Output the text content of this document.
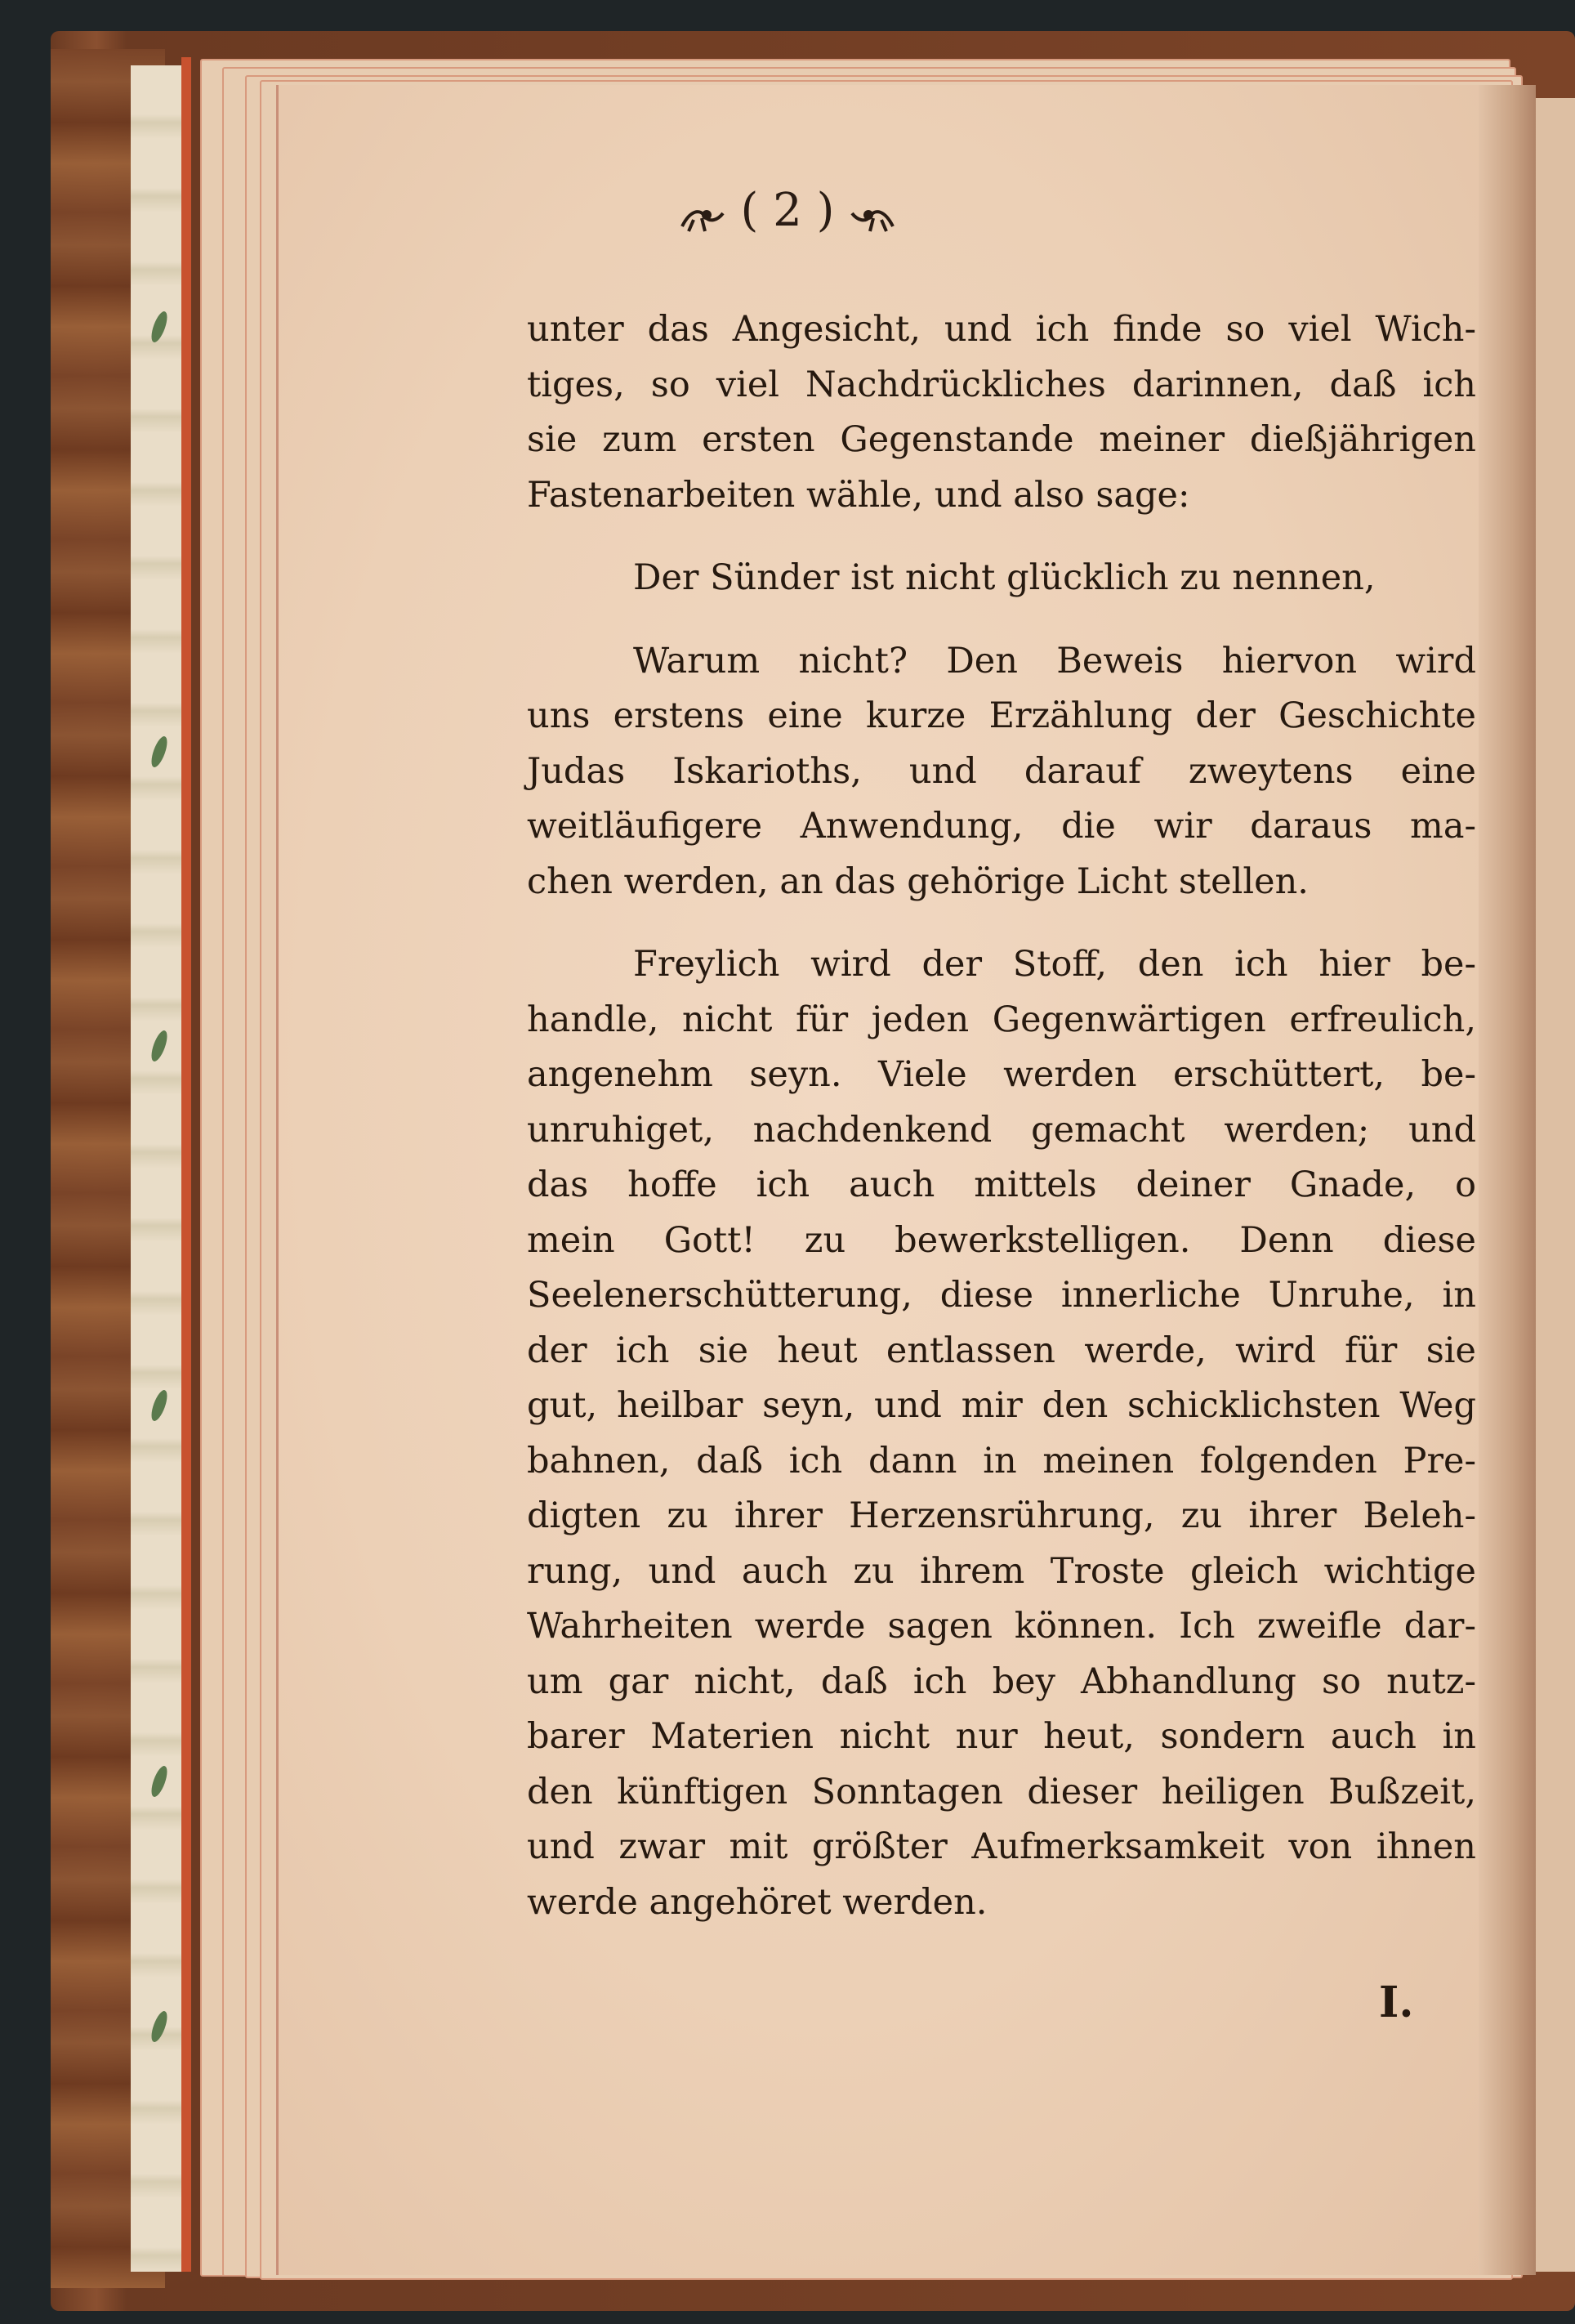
( 2 )

unter das Angesicht, und ich finde so viel Wich-
tiges, so viel Nachdrückliches darinnen, daß ich
sie zum ersten Gegenstande meiner dießjährigen
Fastenarbeiten wähle, und also sage:

Der Sünder ist nicht glücklich zu nennen,

Warum nicht? Den Beweis hiervon wird
uns erstens eine kurze Erzählung der Geschichte
Judas Iskarioths, und darauf zweytens eine
weitläufigere Anwendung, die wir daraus ma-
chen werden, an das gehörige Licht stellen.

Freylich wird der Stoff, den ich hier be-
handle, nicht für jeden Gegenwärtigen erfreulich,
angenehm seyn. Viele werden erschüttert, be-
unruhiget, nachdenkend gemacht werden; und
das hoffe ich auch mittels deiner Gnade, o
mein Gott! zu bewerkstelligen. Denn diese
Seelenerschütterung, diese innerliche Unruhe, in
der ich sie heut entlassen werde, wird für sie
gut, heilbar seyn, und mir den schicklichsten Weg
bahnen, daß ich dann in meinen folgenden Pre-
digten zu ihrer Herzensrührung, zu ihrer Beleh-
rung, und auch zu ihrem Troste gleich wichtige
Wahrheiten werde sagen können. Ich zweifle dar-
um gar nicht, daß ich bey Abhandlung so nutz-
barer Materien nicht nur heut, sondern auch in
den künftigen Sonntagen dieser heiligen Bußzeit,
und zwar mit größter Aufmerksamkeit von ihnen
werde angehöret werden.

I.
